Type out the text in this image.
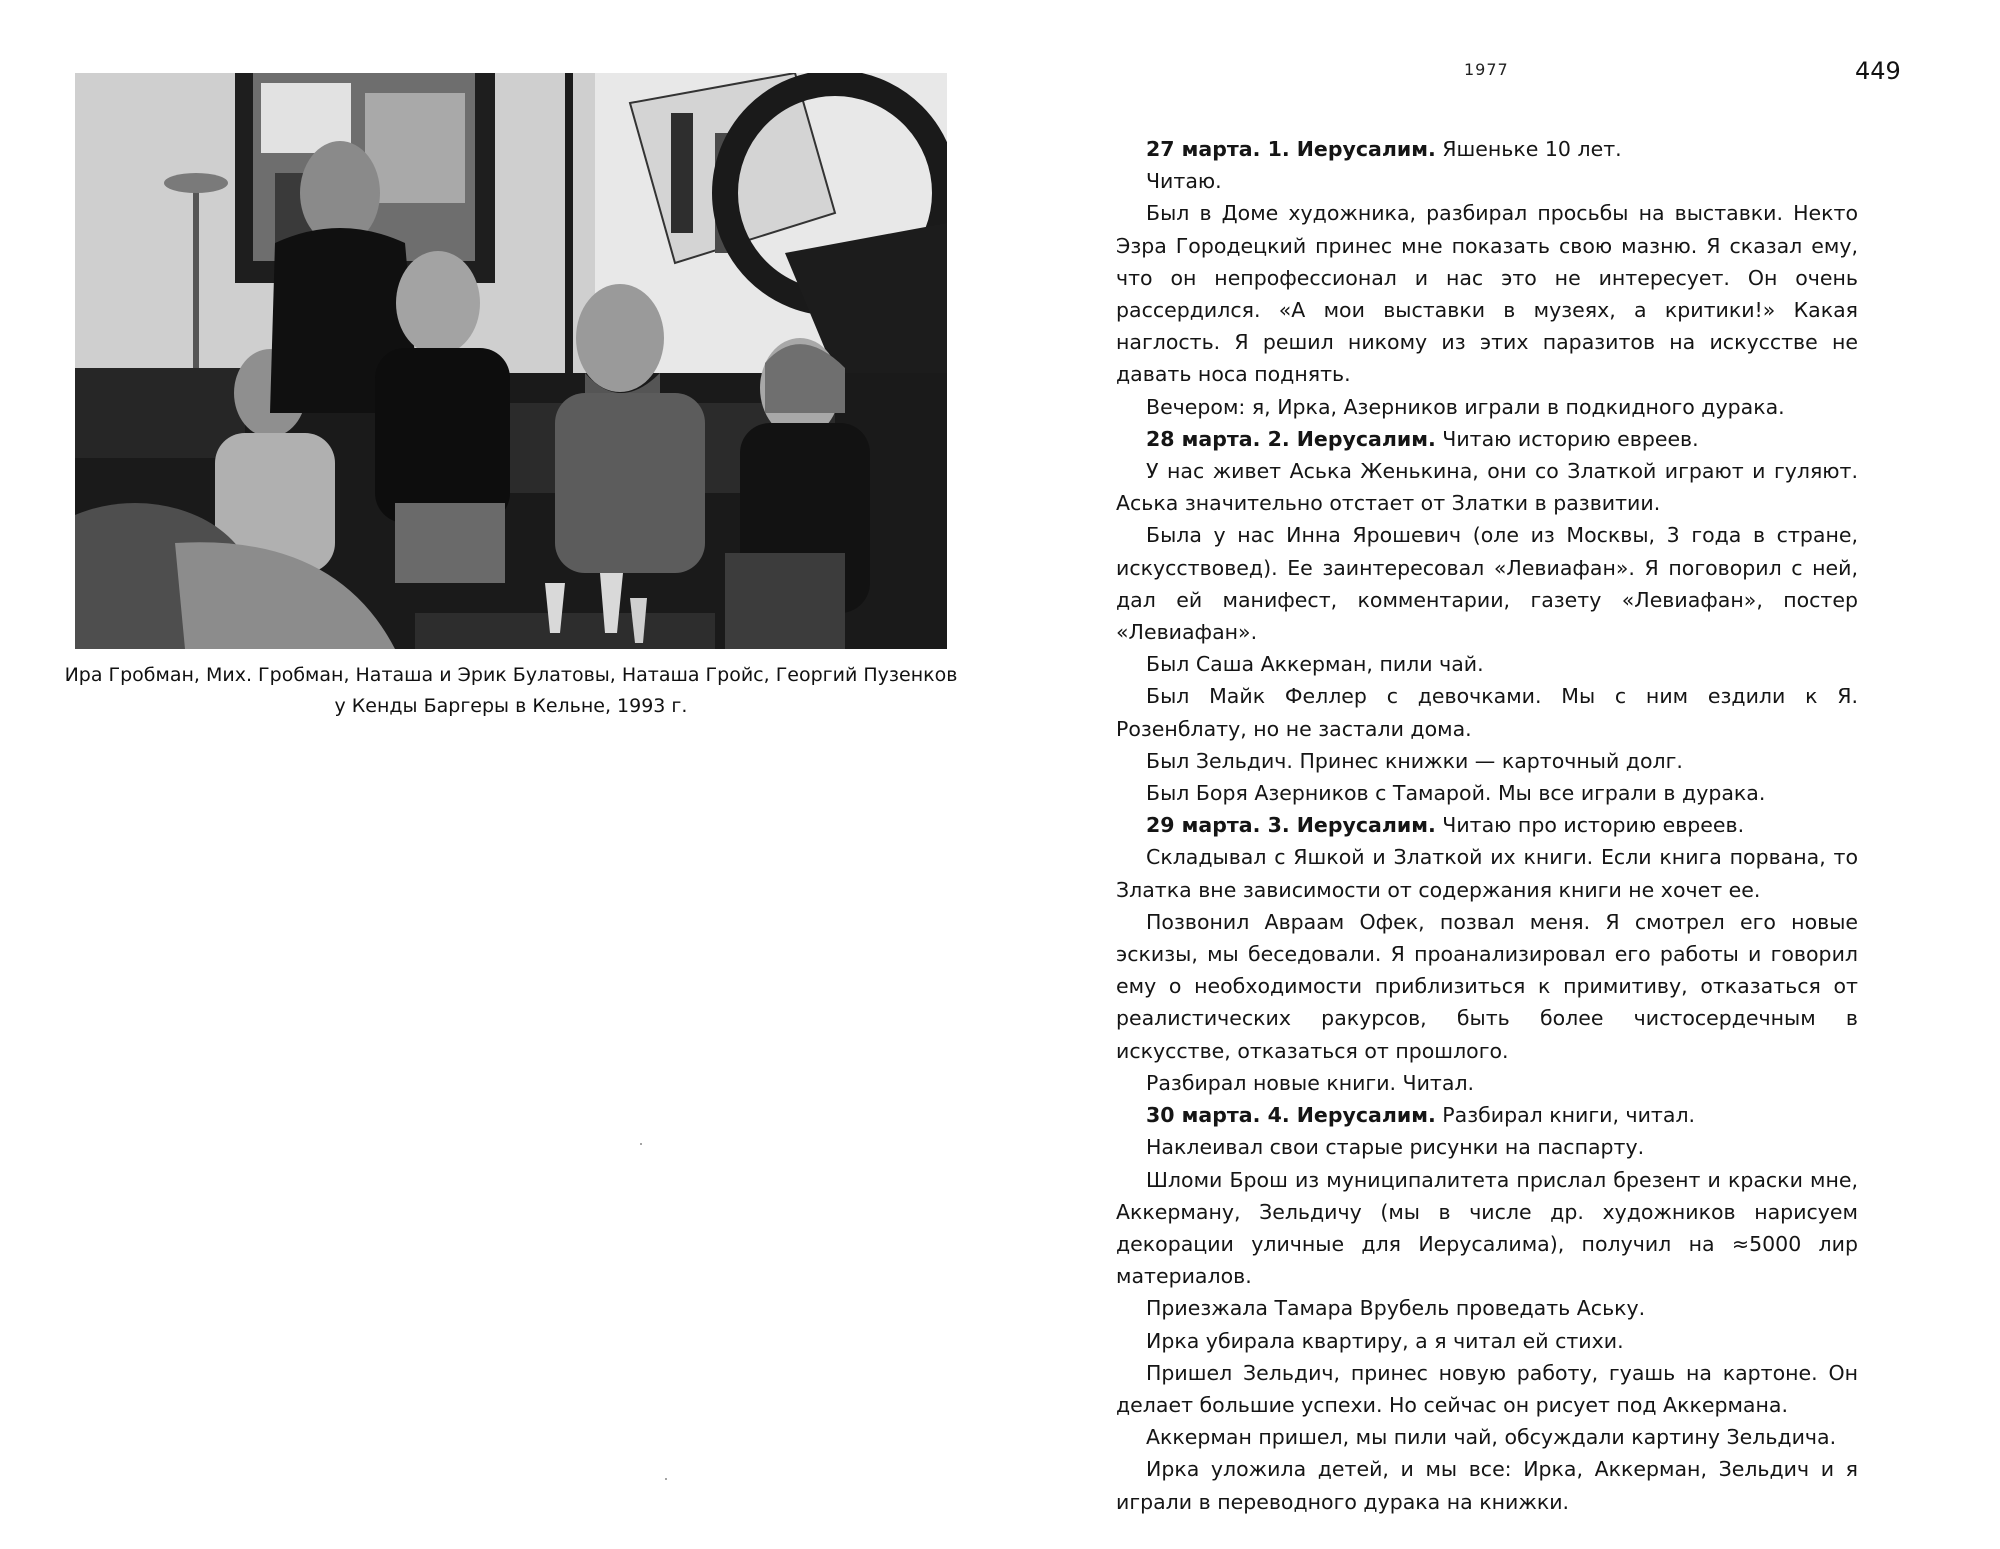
Ира Гробман, Мих. Гробман, Наташа и Эрик Булатовы, Наташа Гройс, Георгий Пузенков
у Кенды Баргеры в Кельне, 1993 г.
1977	449

27 марта. 1. Иерусалим. Яшеньке 10 лет.

Читаю.

Был в Доме художника, разбирал просьбы на выставки. Некто Эзра Городецкий принес мне показать свою мазню. Я сказал ему, что он непрофессионал и нас это не интересует. Он очень рассердился. «А мои выставки в музеях, а критики!» Какая наглость. Я решил никому из этих паразитов на искусстве не давать носа поднять.

Вечером: я, Ирка, Азерников играли в подкидного дурака.

28 марта. 2. Иерусалим. Читаю историю евреев.

У нас живет Аська Женькина, они со Златкой играют и гуляют. Аська значительно отстает от Златки в развитии.

Была у нас Инна Ярошевич (оле из Москвы, 3 года в стране, искусствовед). Ее заинтересовал «Левиафан». Я поговорил с ней, дал ей манифест, комментарии, газету «Левиафан», постер «Левиафан».

Был Саша Аккерман, пили чай.

Был Майк Феллер с девочками. Мы с ним ездили к Я. Розенблату, но не застали дома.

Был Зельдич. Принес книжки — карточный долг.

Был Боря Азерников с Тамарой. Мы все играли в дурака.

29 марта. 3. Иерусалим. Читаю про историю евреев.

Складывал с Яшкой и Златкой их книги. Если книга порвана, то Златка вне зависимости от содержания книги не хочет ее.

Позвонил Авраам Офек, позвал меня. Я смотрел его новые эскизы, мы беседовали. Я проанализировал его работы и говорил ему о необходимости приблизиться к примитиву, отказаться от реалистических ракурсов, быть более чистосердечным в искусстве, отказаться от прошлого.

Разбирал новые книги. Читал.

30 марта. 4. Иерусалим. Разбирал книги, читал.

Наклеивал свои старые рисунки на паспарту.

Шломи Брош из муниципалитета прислал брезент и краски мне, Аккерману, Зельдичу (мы в числе др. художников нарисуем декорации уличные для Иерусалима), получил на ≈5000 лир материалов.

Приезжала Тамара Врубель проведать Аську.

Ирка убирала квартиру, а я читал ей стихи.

Пришел Зельдич, принес новую работу, гуашь на картоне. Он делает большие успехи. Но сейчас он рисует под Аккермана.

Аккерман пришел, мы пили чай, обсуждали картину Зельдича.

Ирка уложила детей, и мы все: Ирка, Аккерман, Зельдич и я играли в переводного дурака на книжки.
